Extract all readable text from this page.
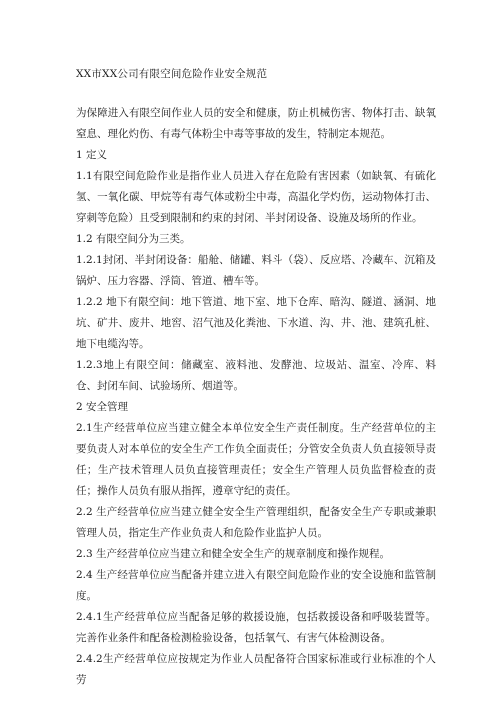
XX市XX公司有限空间危险作业安全规范

为保障进入有限空间作业人员的安全和健康，防止机械伤害、物体打击、缺氧窒息、理化灼伤、有毒气体粉尘中毒等事故的发生，特制定本规范。

1 定义

1.1有限空间危险作业是指作业人员进入存在危险有害因素（如缺氧、有硫化氢、一氧化碳、甲烷等有毒气体或粉尘中毒，高温化学灼伤，运动物体打击、穿刺等危险）且受到限制和约束的封闭、半封闭设备、设施及场所的作业。

1.2 有限空间分为三类。

1.2.1封闭、半封闭设备：船舱、储罐、料斗（袋）、反应塔、冷藏车、沉箱及锅炉、压力容器、浮筒、管道、槽车等。

1.2.2 地下有限空间：地下管道、地下室、地下仓库、暗沟、隧道、涵洞、地坑、矿井、废井、地窖、沼气池及化粪池、下水道、沟、井、池、建筑孔桩、地下电缆沟等。

1.2.3地上有限空间：储藏室、液料池、发酵池、垃圾站、温室、冷库、料仓、封闭车间、试验场所、烟道等。

2 安全管理

2.1生产经营单位应当建立健全本单位安全生产责任制度。生产经营单位的主要负责人对本单位的安全生产工作负全面责任；分管安全负责人负直接领导责任；生产技术管理人员负直接管理责任；安全生产管理人员负监督检查的责任；操作人员负有服从指挥，遵章守纪的责任。

2.2 生产经营单位应当建立健全安全生产管理组织，配备安全生产专职或兼职管理人员，指定生产作业负责人和危险作业监护人员。

2.3 生产经营单位应当建立和健全安全生产的规章制度和操作规程。

2.4 生产经营单位应当配备并建立进入有限空间危险作业的安全设施和监管制度。

2.4.1生产经营单位应当配备足够的救援设施，包括救援设备和呼吸装置等。完善作业条件和配备检测检验设备，包括氧气、有害气体检测设备。

2.4.2生产经营单位应按规定为作业人员配备符合国家标准或行业标准的个人劳
